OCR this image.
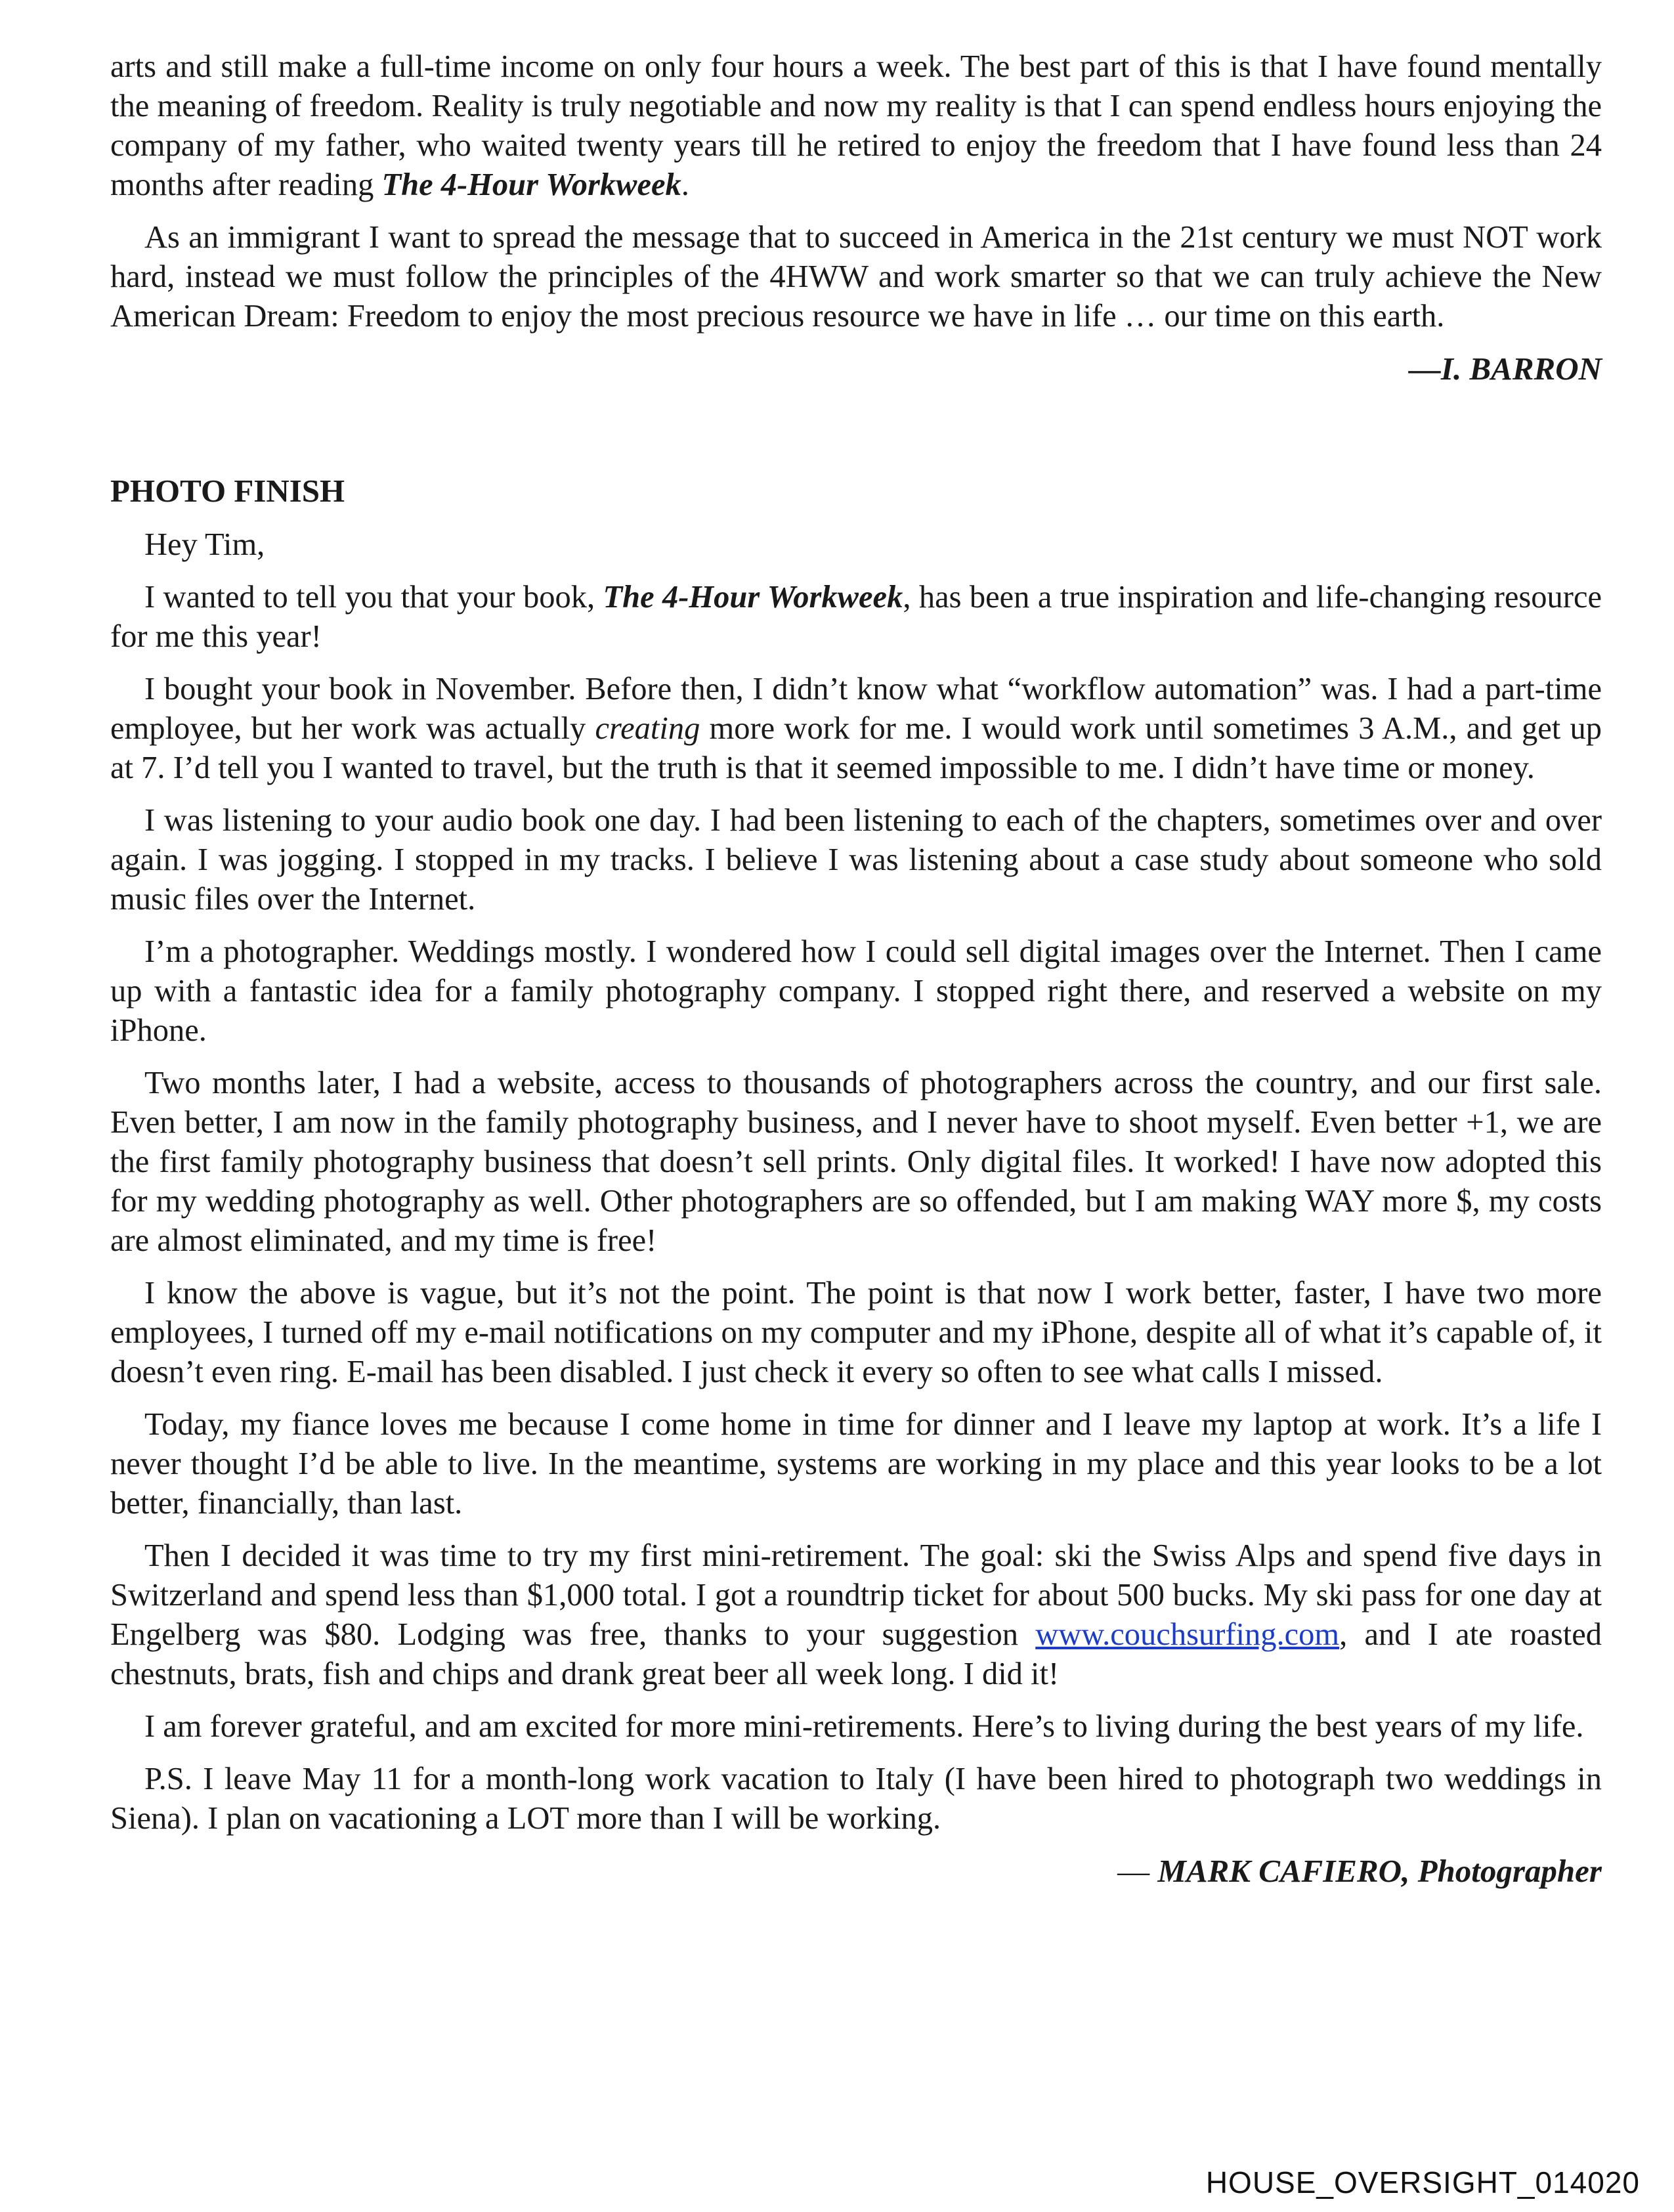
arts and still make a full-time income on only four hours a week. The best part of this is that I have found mentally the meaning of freedom. Reality is truly negotiable and now my reality is that I can spend endless hours enjoying the company of my father, who waited twenty years till he retired to enjoy the freedom that I have found less than 24 months after reading The 4-Hour Workweek.

As an immigrant I want to spread the message that to succeed in America in the 21st century we must NOT work hard, instead we must follow the principles of the 4HWW and work smarter so that we can truly achieve the New American Dream: Freedom to enjoy the most precious resource we have in life … our time on this earth.

—I. BARRON
PHOTO FINISH

Hey Tim,

I wanted to tell you that your book, The 4-Hour Workweek, has been a true inspiration and life-changing resource for me this year!

I bought your book in November. Before then, I didn’t know what “workflow automation” was. I had a part-time employee, but her work was actually creating more work for me. I would work until sometimes 3 A.M., and get up at 7. I’d tell you I wanted to travel, but the truth is that it seemed impossible to me. I didn’t have time or money.

I was listening to your audio book one day. I had been listening to each of the chapters, sometimes over and over again. I was jogging. I stopped in my tracks. I believe I was listening about a case study about someone who sold music files over the Internet.

I’m a photographer. Weddings mostly. I wondered how I could sell digital images over the Internet. Then I came up with a fantastic idea for a family photography company. I stopped right there, and reserved a website on my iPhone.

Two months later, I had a website, access to thousands of photographers across the country, and our first sale. Even better, I am now in the family photography business, and I never have to shoot myself. Even better +1, we are the first family photography business that doesn’t sell prints. Only digital files. It worked! I have now adopted this for my wedding photography as well. Other photographers are so offended, but I am making WAY more $, my costs are almost eliminated, and my time is free!

I know the above is vague, but it’s not the point. The point is that now I work better, faster, I have two more employees, I turned off my e-mail notifications on my computer and my iPhone, despite all of what it’s capable of, it doesn’t even ring. E-mail has been disabled. I just check it every so often to see what calls I missed.

Today, my fiance loves me because I come home in time for dinner and I leave my laptop at work. It’s a life I never thought I’d be able to live. In the meantime, systems are working in my place and this year looks to be a lot better, financially, than last.

Then I decided it was time to try my first mini-retirement. The goal: ski the Swiss Alps and spend five days in Switzerland and spend less than $1,000 total. I got a roundtrip ticket for about 500 bucks. My ski pass for one day at Engelberg was $80. Lodging was free, thanks to your suggestion www.couchsurfing.com, and I ate roasted chestnuts, brats, fish and chips and drank great beer all week long. I did it!

I am forever grateful, and am excited for more mini-retirements. Here’s to living during the best years of my life.

P.S. I leave May 11 for a month-long work vacation to Italy (I have been hired to photograph two weddings in Siena). I plan on vacationing a LOT more than I will be working.

— MARK CAFIERO, Photographer
HOUSE_OVERSIGHT_014020
